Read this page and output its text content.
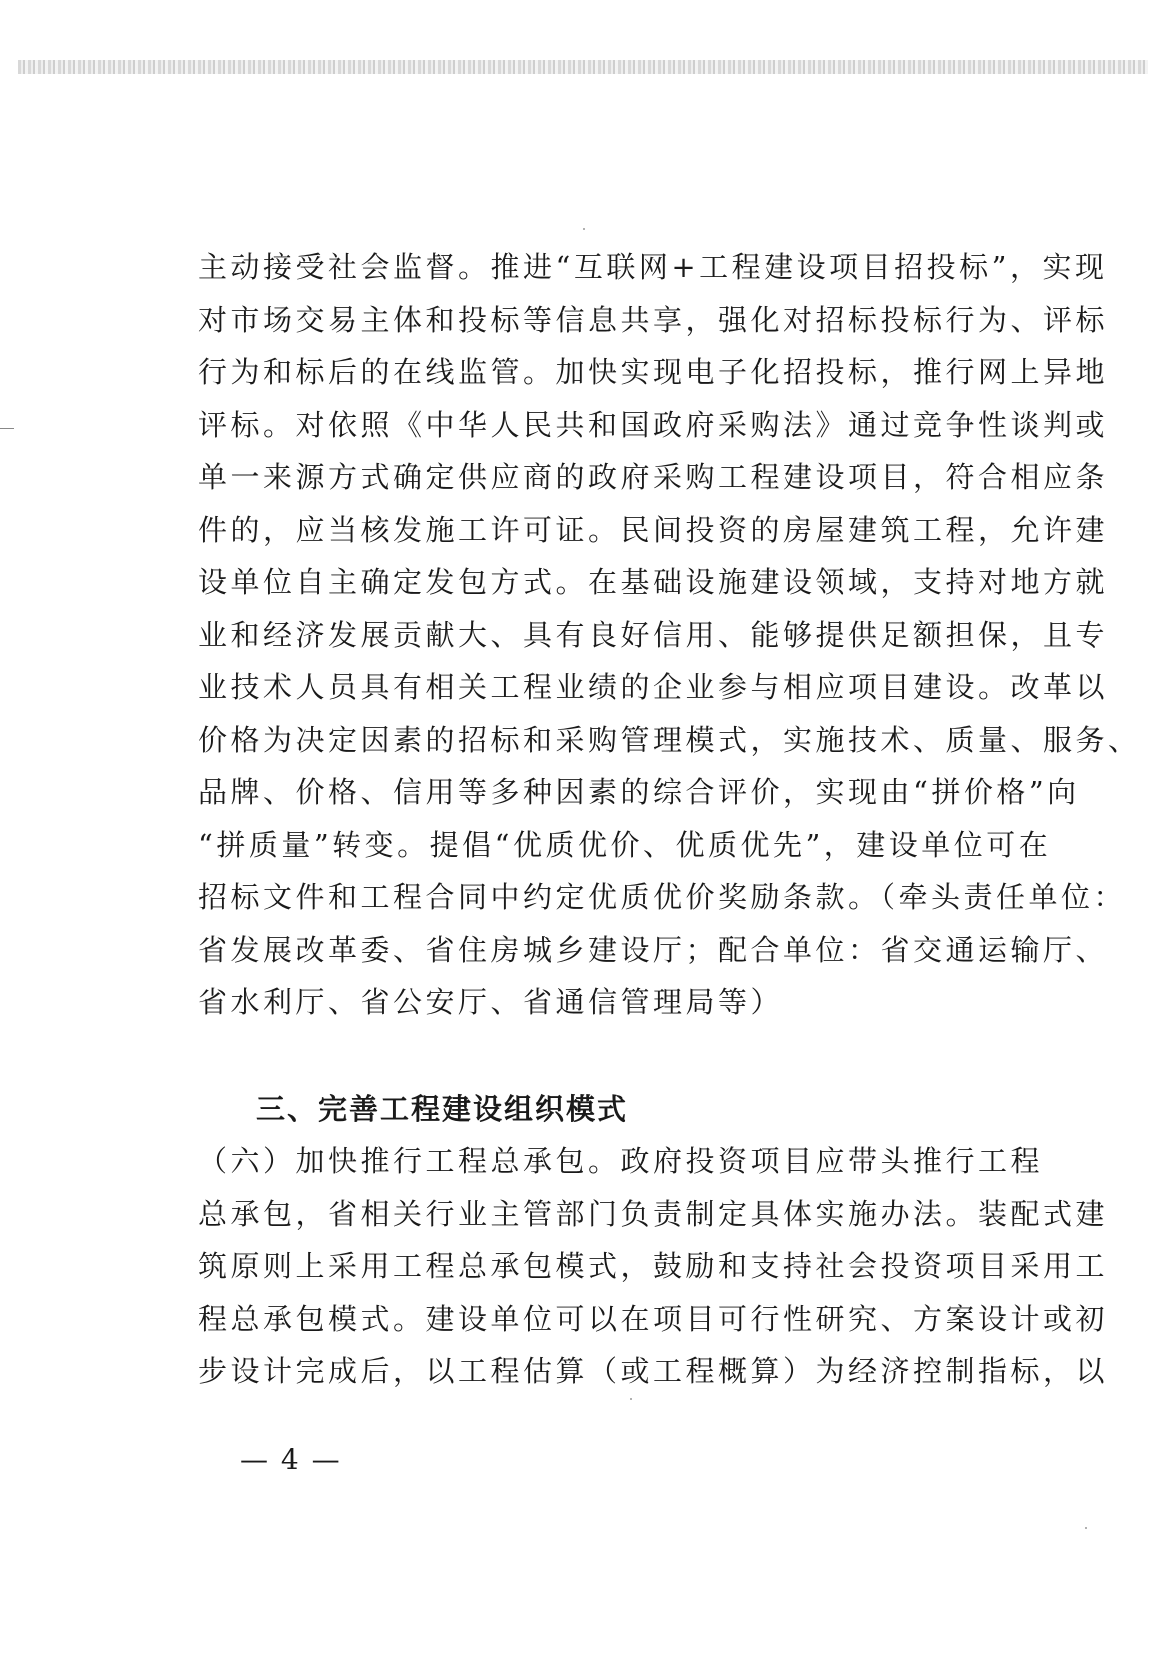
主动接受社会监督。推进“互联网+工程建设项目招投标”，实现
对市场交易主体和投标等信息共享，强化对招标投标行为、评标
行为和标后的在线监管。加快实现电子化招投标，推行网上异地
评标。对依照《中华人民共和国政府采购法》通过竞争性谈判或
单一来源方式确定供应商的政府采购工程建设项目，符合相应条
件的，应当核发施工许可证。民间投资的房屋建筑工程，允许建
设单位自主确定发包方式。在基础设施建设领域，支持对地方就
业和经济发展贡献大、具有良好信用、能够提供足额担保，且专
业技术人员具有相关工程业绩的企业参与相应项目建设。改革以
价格为决定因素的招标和采购管理模式，实施技术、质量、服务、
品牌、价格、信用等多种因素的综合评价，实现由“拼价格”向
“拼质量”转变。提倡“优质优价、优质优先”，建设单位可在
招标文件和工程合同中约定优质优价奖励条款。（牵头责任单位：
省发展改革委、省住房城乡建设厅；配合单位：省交通运输厅、
省水利厅、省公安厅、省通信管理局等）
三、完善工程建设组织模式
（六）加快推行工程总承包。政府投资项目应带头推行工程
总承包，省相关行业主管部门负责制定具体实施办法。装配式建
筑原则上采用工程总承包模式，鼓励和支持社会投资项目采用工
程总承包模式。建设单位可以在项目可行性研究、方案设计或初
步设计完成后，以工程估算（或工程概算）为经济控制指标，以

— 4 —
